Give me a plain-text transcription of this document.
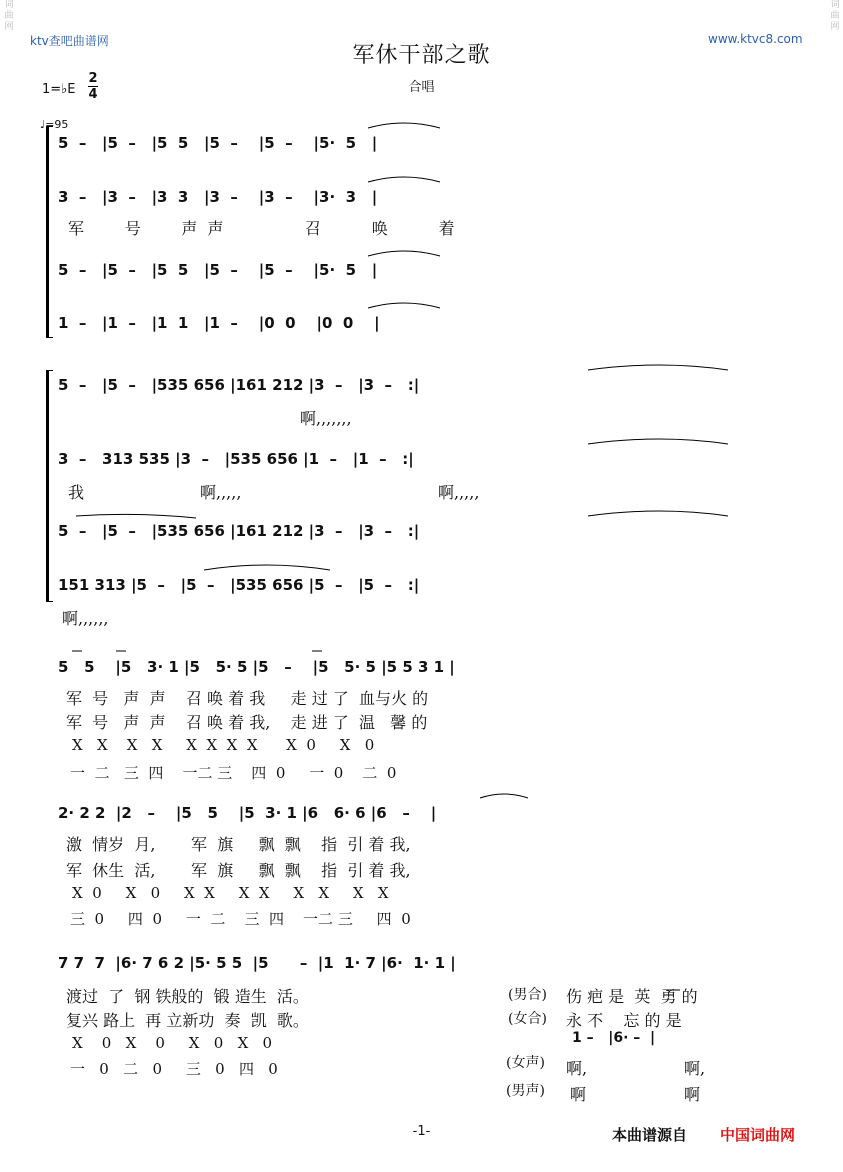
词
曲
网

词
曲
网

ktv查吧曲谱网	www.ktvc8.com
军休干部之歌
合唱
1=♭E
2
4
♩=95
5  –   |5  –   |5  5   |5  –    |5  –    |5·  5   |
3  –   |3  –   |3  3   |3  –    |3  –    |3·  3   |
军        号        声  声                召          唤          着
5  –   |5  –   |5  5   |5  –    |5  –    |5·  5   |
1  –   |1  –   |1  1   |1  –    |0  0    |0  0    |
5  –   |5  –   |535 656 |161 212 |3  –   |3  –   :|
啊,,,,,,,
3  –   313 535 |3  –   |535 656 |1  –   |1  –   :|
我	啊,,,,,	啊,,,,,
5  –   |5  –   |535 656 |161 212 |3  –   |3  –   :|
151 313 |5  –   |5  –   |535 656 |5  –   |5  –   :|
啊,,,,,,
5   5    |5   3· 1 |5   5· 5 |5   –    |5   5· 5 |5 5 3 1 |
军  号   声  声    召 唤 着 我     走 过 了  血与火 的
军  号   声  声    召 唤 着 我,    走 进 了  温   馨 的
X   X    X   X     X  X  X  X      X  0     X   0
一  二   三  四    一二 三    四  0     一  0    二  0
2· 2 2  |2   –    |5   5    |5  3· 1 |6   6· 6 |6   –    |
激  情岁  月,       军  旗     飘  飘    指  引 着 我,
军  休生  活,       军  旗     飘  飘    指  引 着 我,
X  0     X   0     X  X     X  X     X   X     X   X
三  0     四  0     一  二    三  四    一二 三     四  0
7 7  7  |6· 7 6 2 |5· 5 5  |5      –  |1  1· 7 |6·  1· 1 |
渡过  了  钢 铁般的  锻 造生  活。	(男合) 伤 疤 是  英  勇 的
复兴 路上  再 立新功  奏  凯  歌。	(女合) 永 不    忘 的 是
1 –   |6· –  |
X    0   X    0     X   0   X   0
一   0   二   0     三   0   四   0	(女声) 啊,	啊,
(男声) 啊	啊
-1-	本曲谱源自 中国词曲网
